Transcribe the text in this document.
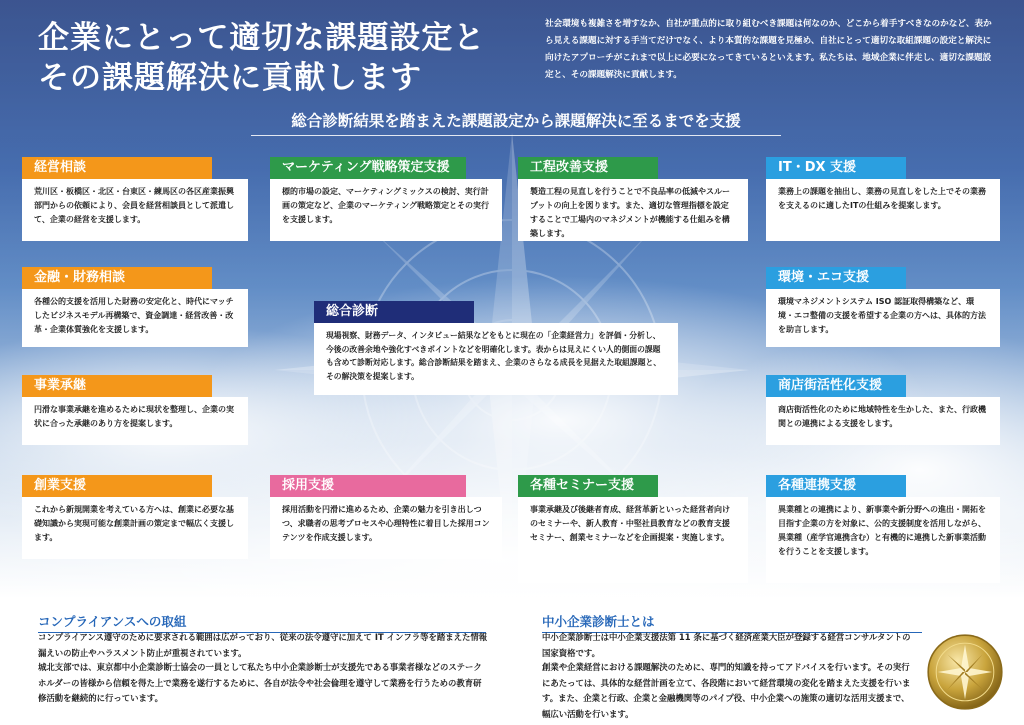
企業にとって適切な課題設定と
その課題解決に貢献します

社会環境も複雑さを増すなか、自社が重点的に取り組むべき課題は何なのか、どこから着手すべきなのかなど、表から見える課題に対する手当てだけでなく、より本質的な課題を見極め、自社にとって適切な取組課題の設定と解決に向けたアプローチがこれまで以上に必要になってきているといえます。私たちは、地域企業に伴走し、適切な課題設定と、その課題解決に貢献します。

総合診断結果を踏まえた課題設定から課題解決に至るまでを支援
経営相談
荒川区・板橋区・北区・台東区・練馬区の各区産業振興部門からの依頼により、会員を経営相談員として派遣して、企業の経営を支援します。
マーケティング戦略策定支援
標的市場の設定、マーケティングミックスの検討、実行計画の策定など、企業のマーケティング戦略策定とその実行を支援します。
工程改善支援
製造工程の見直しを行うことで不良品率の低減やスループットの向上を図ります。また、適切な管理指標を設定することで工場内のマネジメントが機能する仕組みを構築します。
IT・DX 支援
業務上の課題を抽出し、業務の見直しをした上でその業務を支えるのに適したITの仕組みを提案します。
金融・財務相談
各種公的支援を活用した財務の安定化と、時代にマッチしたビジネスモデル再構築で、資金調達・経営改善・改革・企業体質強化を支援します。
環境・エコ支援
環境マネジメントシステム ISO 認証取得構築など、環境・エコ整備の支援を希望する企業の方へは、具体的方法を助言します。
総合診断
現場視察、財務データ、インタビュー結果などをもとに現在の「企業経営力」を評価・分析し、今後の改善余地や強化すべきポイントなどを明確化します。表からは見えにくい人的側面の課題も含めて診断対応します。総合診断結果を踏まえ、企業のさらなる成長を見据えた取組課題と、その解決策を提案します。
事業承継
円滑な事業承継を進めるために現状を整理し、企業の実状に合った承継のあり方を提案します。
商店街活性化支援
商店街活性化のために地域特性を生かした、また、行政機関との連携による支援をします。
創業支援
これから新規開業を考えている方へは、創業に必要な基礎知識から実現可能な創業計画の策定まで幅広く支援します。
採用支援
採用活動を円滑に進めるため、企業の魅力を引き出しつつ、求職者の思考プロセスや心理特性に着目した採用コンテンツを作成支援します。
各種セミナー支援
事業承継及び後継者育成、経営革新といった経営者向けのセミナーや、新人教育・中堅社員教育などの教育支援セミナー、創業セミナーなどを企画提案・実施します。
各種連携支援
異業種との連携により、新事業や新分野への進出・開拓を目指す企業の方を対象に、公的支援制度を活用しながら、異業種（産学官連携含む）と有機的に連携した新事業活動を行うことを支援します。
コンプライアンスへの取組

コンプライアンス遵守のために要求される範囲は広がっており、従来の法令遵守に加えて IT インフラ等を踏まえた情報漏えいの防止やハラスメント防止が重視されています。

城北支部では、東京都中小企業診断士協会の一員として私たち中小企業診断士が支援先である事業者様などのステークホルダーの皆様から信頼を得た上で業務を遂行するために、各自が法令や社会倫理を遵守して業務を行うための教育研修活動を継続的に行っています。

中小企業診断士とは

中小企業診断士は中小企業支援法第 11 条に基づく経済産業大臣が登録する経営コンサルタントの国家資格です。

創業や企業経営における課題解決のために、専門的知識を持ってアドバイスを行います。その実行にあたっては、具体的な経営計画を立て、各段階において経営環境の変化を踏まえた支援を行います。また、企業と行政、企業と金融機関等のパイプ役、中小企業への施策の適切な活用支援まで、幅広い活動を行います。
